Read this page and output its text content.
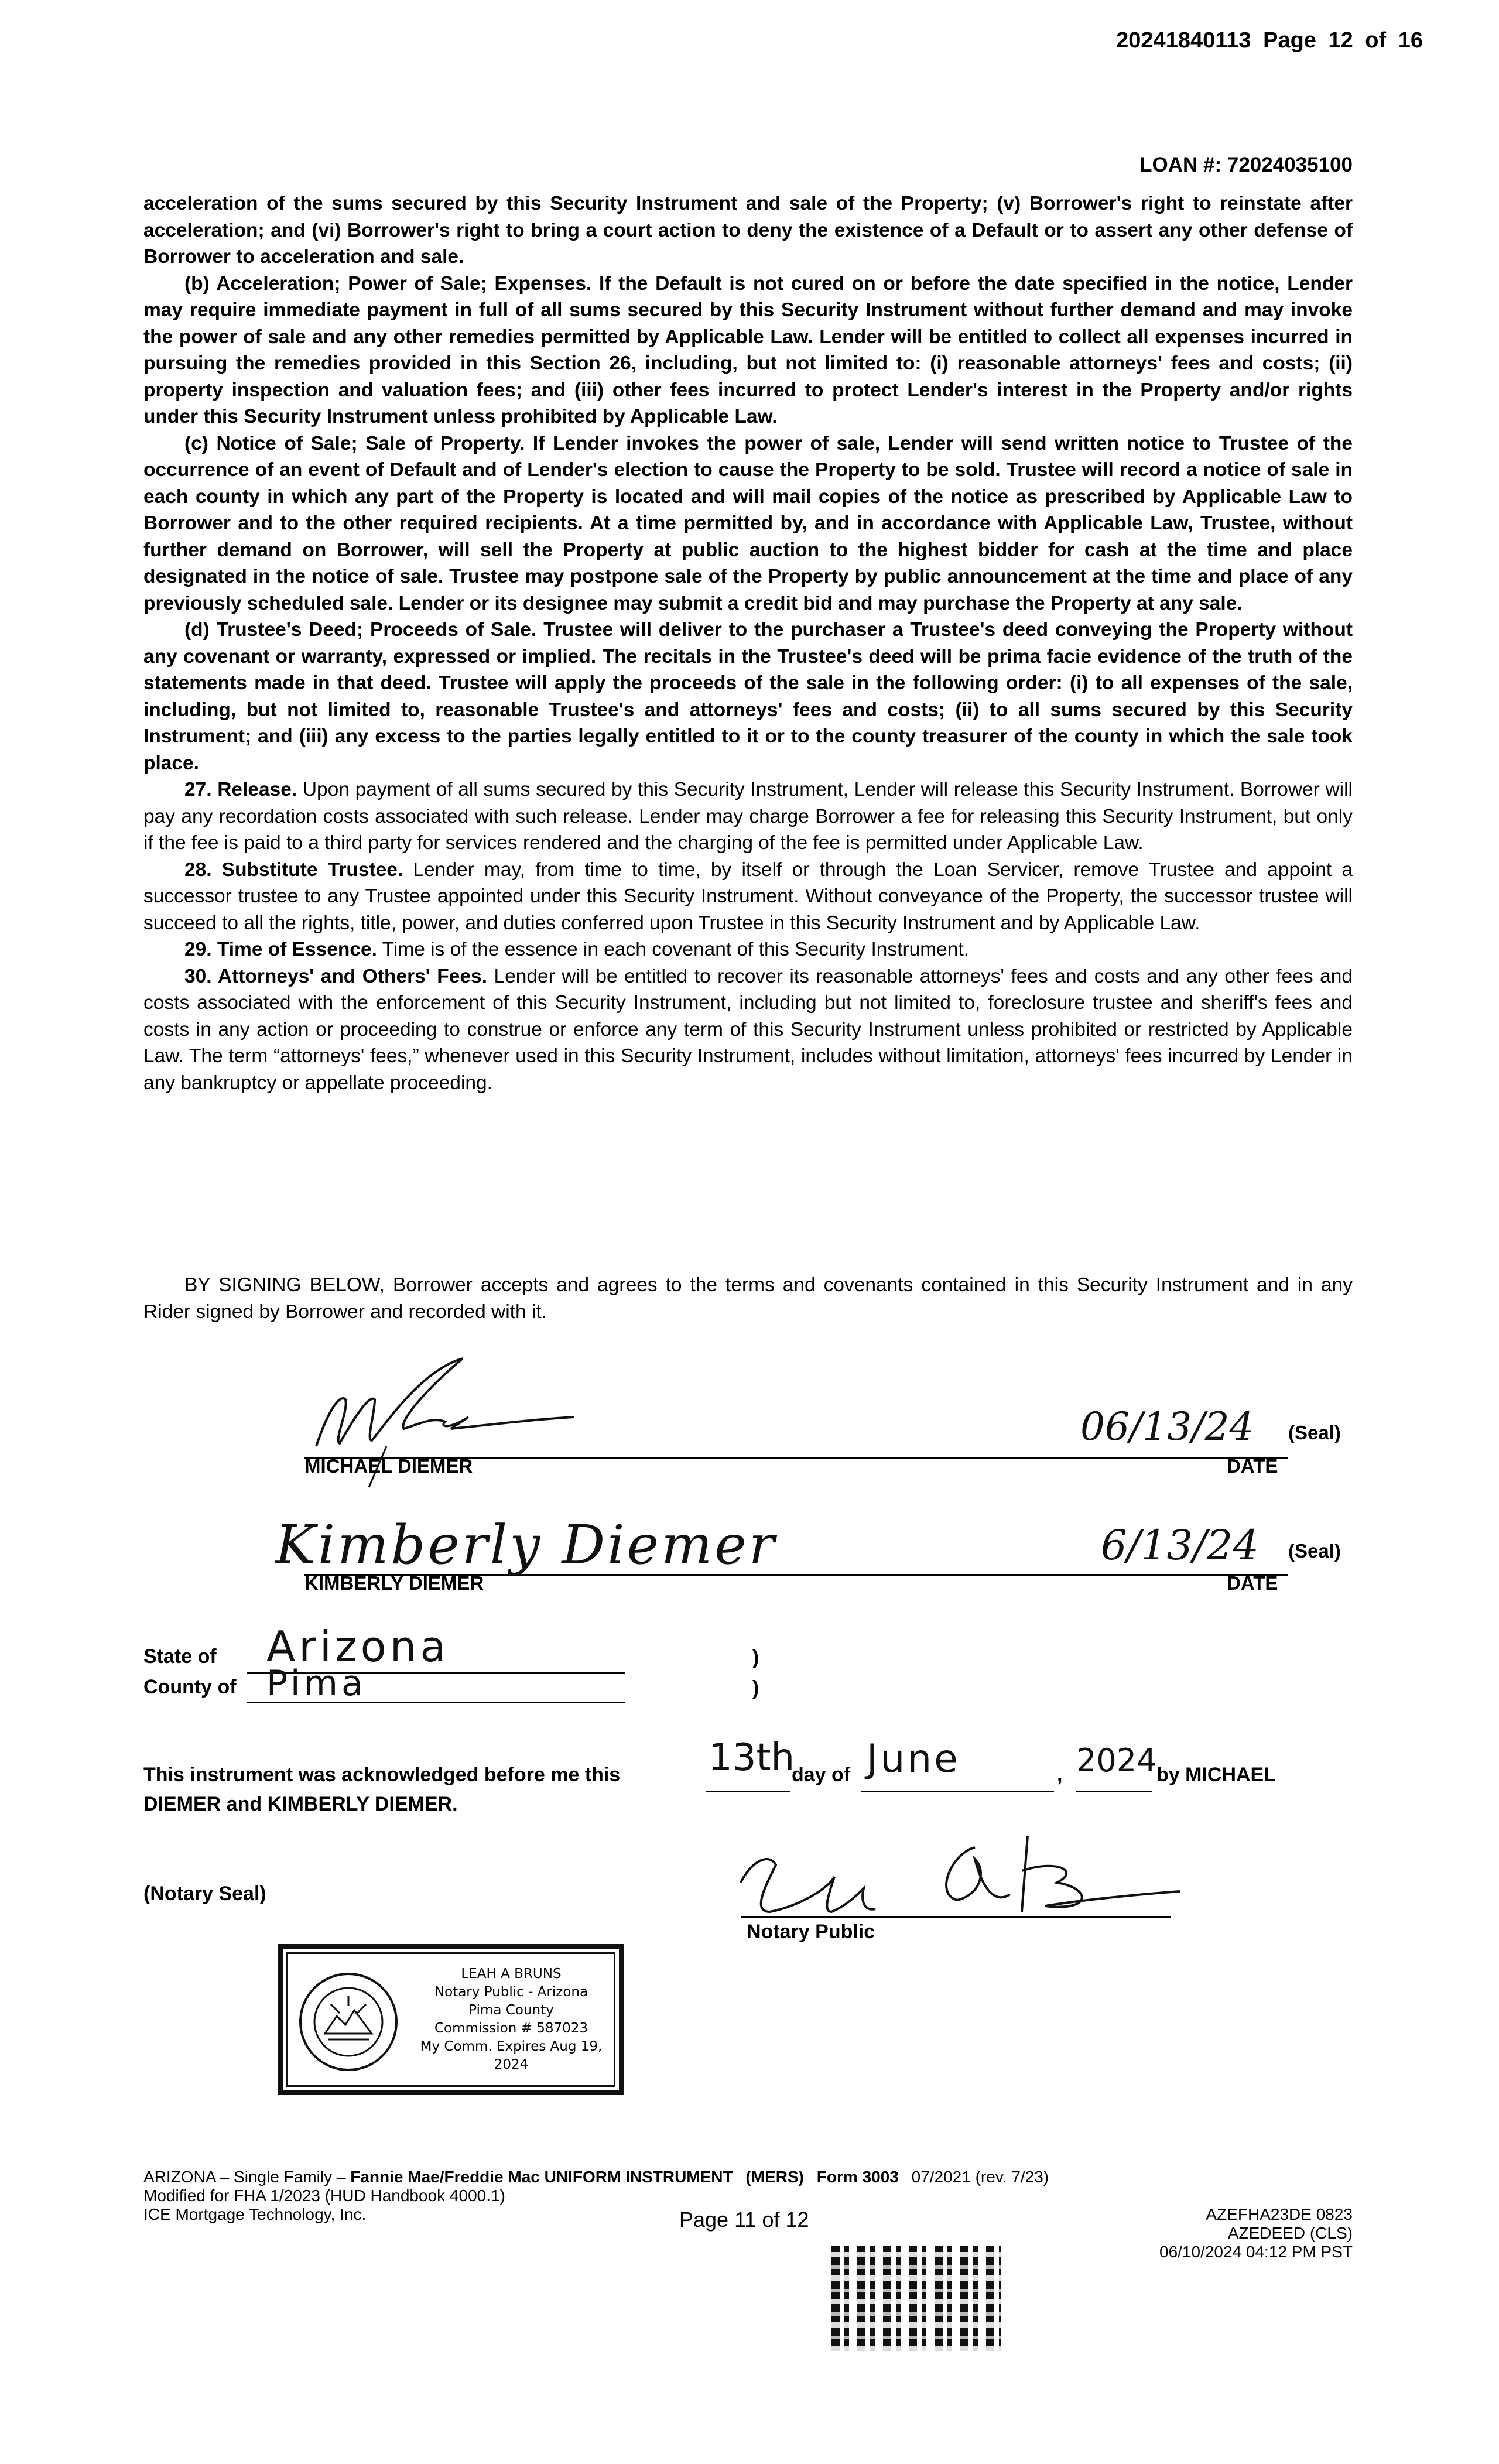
20241840113 Page 12 of 16
LOAN #: 72024035100

acceleration of the sums secured by this Security Instrument and sale of the Property; (v) Borrower's right to reinstate after acceleration; and (vi) Borrower's right to bring a court action to deny the existence of a Default or to assert any other defense of Borrower to acceleration and sale.

(b) Acceleration; Power of Sale; Expenses. If the Default is not cured on or before the date specified in the notice, Lender may require immediate payment in full of all sums secured by this Security Instrument without further demand and may invoke the power of sale and any other remedies permitted by Applicable Law. Lender will be entitled to collect all expenses incurred in pursuing the remedies provided in this Section 26, including, but not limited to: (i) reasonable attorneys' fees and costs; (ii) property inspection and valuation fees; and (iii) other fees incurred to protect Lender's interest in the Property and/or rights under this Security Instrument unless prohibited by Applicable Law.

(c) Notice of Sale; Sale of Property. If Lender invokes the power of sale, Lender will send written notice to Trustee of the occurrence of an event of Default and of Lender's election to cause the Property to be sold. Trustee will record a notice of sale in each county in which any part of the Property is located and will mail copies of the notice as prescribed by Applicable Law to Borrower and to the other required recipients. At a time permitted by, and in accordance with Applicable Law, Trustee, without further demand on Borrower, will sell the Property at public auction to the highest bidder for cash at the time and place designated in the notice of sale. Trustee may postpone sale of the Property by public announcement at the time and place of any previously scheduled sale. Lender or its designee may submit a credit bid and may purchase the Property at any sale.

(d) Trustee's Deed; Proceeds of Sale. Trustee will deliver to the purchaser a Trustee's deed conveying the Property without any covenant or warranty, expressed or implied. The recitals in the Trustee's deed will be prima facie evidence of the truth of the statements made in that deed. Trustee will apply the proceeds of the sale in the following order: (i) to all expenses of the sale, including, but not limited to, reasonable Trustee's and attorneys' fees and costs; (ii) to all sums secured by this Security Instrument; and (iii) any excess to the parties legally entitled to it or to the county treasurer of the county in which the sale took place.

27. Release. Upon payment of all sums secured by this Security Instrument, Lender will release this Security Instrument. Borrower will pay any recordation costs associated with such release. Lender may charge Borrower a fee for releasing this Security Instrument, but only if the fee is paid to a third party for services rendered and the charging of the fee is permitted under Applicable Law.

28. Substitute Trustee. Lender may, from time to time, by itself or through the Loan Servicer, remove Trustee and appoint a successor trustee to any Trustee appointed under this Security Instrument. Without conveyance of the Property, the successor trustee will succeed to all the rights, title, power, and duties conferred upon Trustee in this Security Instrument and by Applicable Law.

29. Time of Essence. Time is of the essence in each covenant of this Security Instrument.

30. Attorneys' and Others' Fees. Lender will be entitled to recover its reasonable attorneys' fees and costs and any other fees and costs associated with the enforcement of this Security Instrument, including but not limited to, foreclosure trustee and sheriff's fees and costs in any action or proceeding to construe or enforce any term of this Security Instrument unless prohibited or restricted by Applicable Law. The term “attorneys' fees,” whenever used in this Security Instrument, includes without limitation, attorneys' fees incurred by Lender in any bankruptcy or appellate proceeding.

BY SIGNING BELOW, Borrower accepts and agrees to the terms and covenants contained in this Security Instrument and in any Rider signed by Borrower and recorded with it.
MICHAEL DIEMER	DATE
(Seal)
06/13/24
KIMBERLY DIEMER	DATE
(Seal)
6/13/24
Kimberly Diemer
State of Arizona	)
County of Pima	)
This instrument was acknowledged before me this 13th
day of June	, 2024 by MICHAEL
DIEMER and KIMBERLY DIEMER.
(Notary Seal)
Notary Public
LEAH A BRUNS
Notary Public - Arizona
Pima County
Commission # 587023
My Comm. Expires Aug 19, 2024
ARIZONA – Single Family – Fannie Mae/Freddie Mac UNIFORM INSTRUMENT (MERS) Form 3003 07/2021 (rev. 7/23)
Modified for FHA 1/2023 (HUD Handbook 4000.1)
ICE Mortgage Technology, Inc.	Page 11 of 12	AZEFHA23DE 0823
AZEDEED (CLS)
06/10/2024 04:12 PM PST
